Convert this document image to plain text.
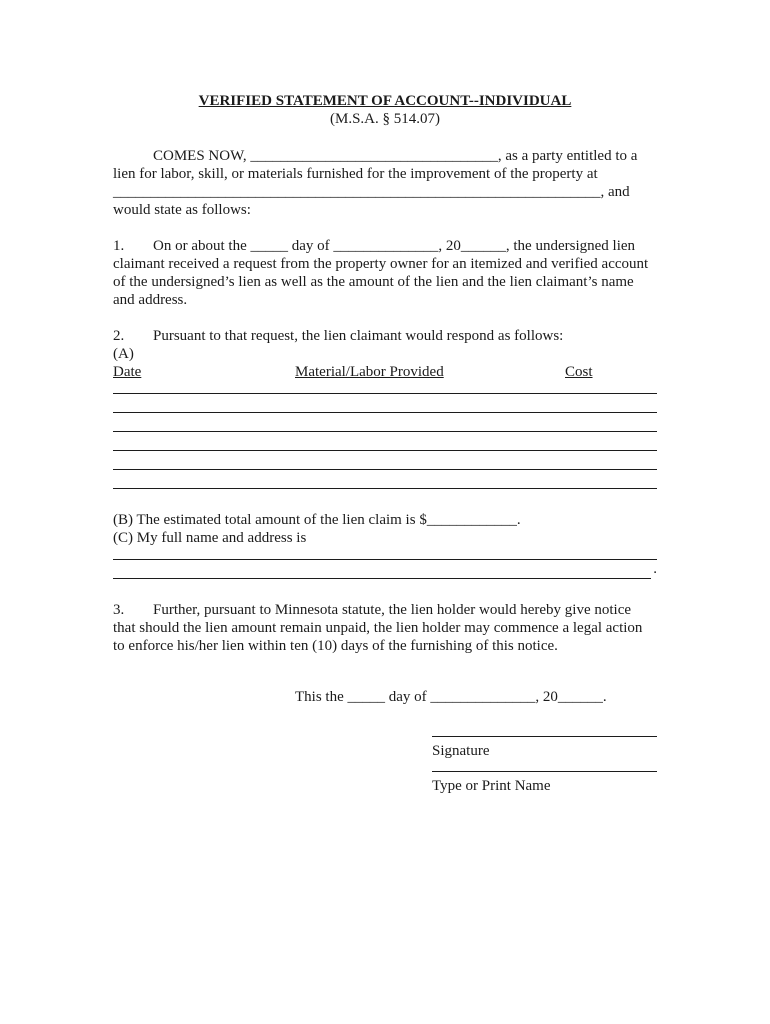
VERIFIED STATEMENT OF ACCOUNT--INDIVIDUAL
(M.S.A. § 514.07)
COMES NOW, _________________________________, as a party entitled to a
lien for labor, skill, or materials furnished for the improvement of the property at
_________________________________________________________________, and
would state as follows:
1. On or about the _____ day of ______________, 20______, the undersigned lien
claimant received a request from the property owner for an itemized and verified account
of the undersigned’s lien as well as the amount of the lien and the lien claimant’s name
and address.
2. Pursuant to that request, the lien claimant would respond as follows:
(A)
Date	Material/Labor Provided	Cost
(B) The estimated total amount of the lien claim is $____________.
(C) My full name and address is
.
3. Further, pursuant to Minnesota statute, the lien holder would hereby give notice
that should the lien amount remain unpaid, the lien holder may commence a legal action
to enforce his/her lien within ten (10) days of the furnishing of this notice.
This the _____ day of ______________, 20______.
Signature
Type or Print Name
